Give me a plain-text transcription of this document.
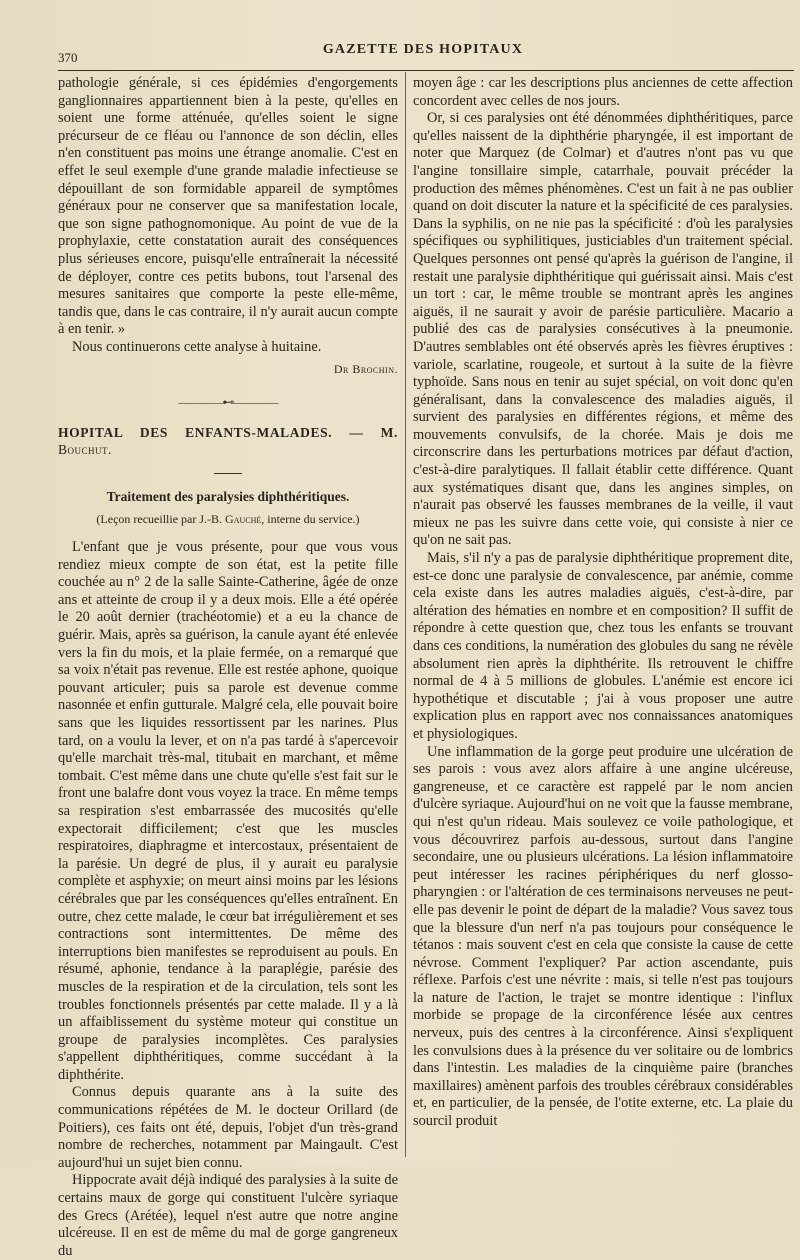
370
GAZETTE DES HOPITAUX

pathologie générale, si ces épidémies d'engorgements ganglionnaires appartiennent bien à la peste, qu'elles en soient une forme atténuée, qu'elles soient le signe précurseur de ce fléau ou l'annonce de son déclin, elles n'en constituent pas moins une étrange anomalie. C'est en effet le seul exemple d'une grande maladie infectieuse se dépouillant de son formidable appareil de symptômes généraux pour ne conserver que sa manifestation locale, que son signe pathognomonique. Au point de vue de la prophylaxie, cette constatation aurait des conséquences plus sérieuses encore, puisqu'elle entraînerait la nécessité de déployer, contre ces petits bubons, tout l'arsenal des mesures sanitaires que comporte la peste elle-même, tandis que, dans le cas contraire, il n'y aurait aucun compte à en tenir. »

Nous continuerons cette analyse à huitaine.

Dr Brochin.
————⊷————
HOPITAL DES ENFANTS-MALADES. — M. Bouchut.
Traitement des paralysies diphthéritiques.
(Leçon recueillie par J.-B. Gauché, interne du service.)

L'enfant que je vous présente, pour que vous vous rendiez mieux compte de son état, est la petite fille couchée au n° 2 de la salle Sainte-Catherine, âgée de onze ans et atteinte de croup il y a deux mois. Elle a été opérée le 20 août dernier (trachéotomie) et a eu la chance de guérir. Mais, après sa guérison, la canule ayant été enlevée vers la fin du mois, et la plaie fermée, on a remarqué que sa voix n'était pas revenue. Elle est restée aphone, quoique pouvant articuler; puis sa parole est devenue comme nasonnée et enfin gutturale. Malgré cela, elle pouvait boire sans que les liquides ressortissent par les narines. Plus tard, on a voulu la lever, et on n'a pas tardé à s'apercevoir qu'elle marchait très-mal, titubait en marchant, et même tombait. C'est même dans une chute qu'elle s'est fait sur le front une balafre dont vous voyez la trace. En même temps sa respiration s'est embarrassée des mucosités qu'elle expectorait difficilement; c'est que les muscles respiratoires, diaphragme et intercostaux, présentaient de la parésie. Un degré de plus, il y aurait eu paralysie complète et asphyxie; on meurt ainsi moins par les lésions cérébrales que par les conséquences qu'elles entraînent. En outre, chez cette malade, le cœur bat irrégulièrement et ses contractions sont intermittentes. De même des interruptions bien manifestes se reproduisent au pouls. En résumé, aphonie, tendance à la paraplégie, parésie des muscles de la respiration et de la circulation, tels sont les troubles fonctionnels présentés par cette malade. Il y a là un affaiblissement du système moteur qui constitue un groupe de paralysies incomplètes. Ces paralysies s'appellent diphthéritiques, comme succédant à la diphthérite.

Connus depuis quarante ans à la suite des communications répétées de M. le docteur Orillard (de Poitiers), ces faits ont été, depuis, l'objet d'un très-grand nombre de recherches, notamment par Maingault. C'est aujourd'hui un sujet bien connu.

Hippocrate avait déjà indiqué des paralysies à la suite de certains maux de gorge qui constituent l'ulcère syriaque des Grecs (Arétée), lequel n'est autre que notre angine ulcéreuse. Il en est de même du mal de gorge gangreneux du

moyen âge : car les descriptions plus anciennes de cette affection concordent avec celles de nos jours.

Or, si ces paralysies ont été dénommées diphthéritiques, parce qu'elles naissent de la diphthérie pharyngée, il est important de noter que Marquez (de Colmar) et d'autres n'ont pas vu que l'angine tonsillaire simple, catarrhale, pouvait précéder la production des mêmes phénomènes. C'est un fait à ne pas oublier quand on doit discuter la nature et la spécificité de ces paralysies. Dans la syphilis, on ne nie pas la spécificité : d'où les paralysies spécifiques ou syphilitiques, justiciables d'un traitement spécial. Quelques personnes ont pensé qu'après la guérison de l'angine, il restait une paralysie diphthéritique qui guérissait ainsi. Mais c'est un tort : car, le même trouble se montrant après les angines aiguës, il ne saurait y avoir de parésie particulière. Macario a publié des cas de paralysies consécutives à la pneumonie. D'autres semblables ont été observés après les fièvres éruptives : variole, scarlatine, rougeole, et surtout à la suite de la fièvre typhoïde. Sans nous en tenir au sujet spécial, on voit donc qu'en généralisant, dans la convalescence des maladies aiguës, il survient des paralysies en différentes régions, et même des mouvements convulsifs, de la chorée. Mais je dois me circonscrire dans les perturbations motrices par défaut d'action, c'est-à-dire paralytiques. Il fallait établir cette différence. Quant aux systématiques disant que, dans les angines simples, on n'aurait pas observé les fausses membranes de la veille, il vaut mieux ne pas les suivre dans cette voie, qui consiste à nier ce qu'on ne sait pas.

Mais, s'il n'y a pas de paralysie diphthéritique proprement dite, est-ce donc une paralysie de convalescence, par anémie, comme cela existe dans les autres maladies aiguës, c'est-à-dire, par altération des hématies en nombre et en composition? Il suffit de répondre à cette question que, chez tous les enfants se trouvant dans ces conditions, la numération des globules du sang ne révèle absolument rien après la diphthérite. Ils retrouvent le chiffre normal de 4 à 5 millions de globules. L'anémie est encore ici hypothétique et discutable ; j'ai à vous proposer une autre explication plus en rapport avec nos connaissances anatomiques et physiologiques.

Une inflammation de la gorge peut produire une ulcération de ses parois : vous avez alors affaire à une angine ulcéreuse, gangreneuse, et ce caractère est rappelé par le nom ancien d'ulcère syriaque. Aujourd'hui on ne voit que la fausse membrane, qui n'est qu'un rideau. Mais soulevez ce voile pathologique, et vous découvrirez parfois au-dessous, surtout dans l'angine secondaire, une ou plusieurs ulcérations. La lésion inflammatoire peut intéresser les racines périphériques du nerf glosso-pharyngien : or l'altération de ces terminaisons nerveuses ne peut-elle pas devenir le point de départ de la maladie? Vous savez tous que la blessure d'un nerf n'a pas toujours pour conséquence le tétanos : mais souvent c'est en cela que consiste la cause de cette névrose. Comment l'expliquer? Par action ascendante, puis réflexe. Parfois c'est une névrite : mais, si telle n'est pas toujours la nature de l'action, le trajet se montre identique : l'influx morbide se propage de la circonférence lésée aux centres nerveux, puis des centres à la circonférence. Ainsi s'expliquent les convulsions dues à la présence du ver solitaire ou de lombrics dans l'intestin. Les maladies de la cinquième paire (branches maxillaires) amènent parfois des troubles cérébraux considérables et, en particulier, de la pensée, de l'otite externe, etc. La plaie du sourcil produit
